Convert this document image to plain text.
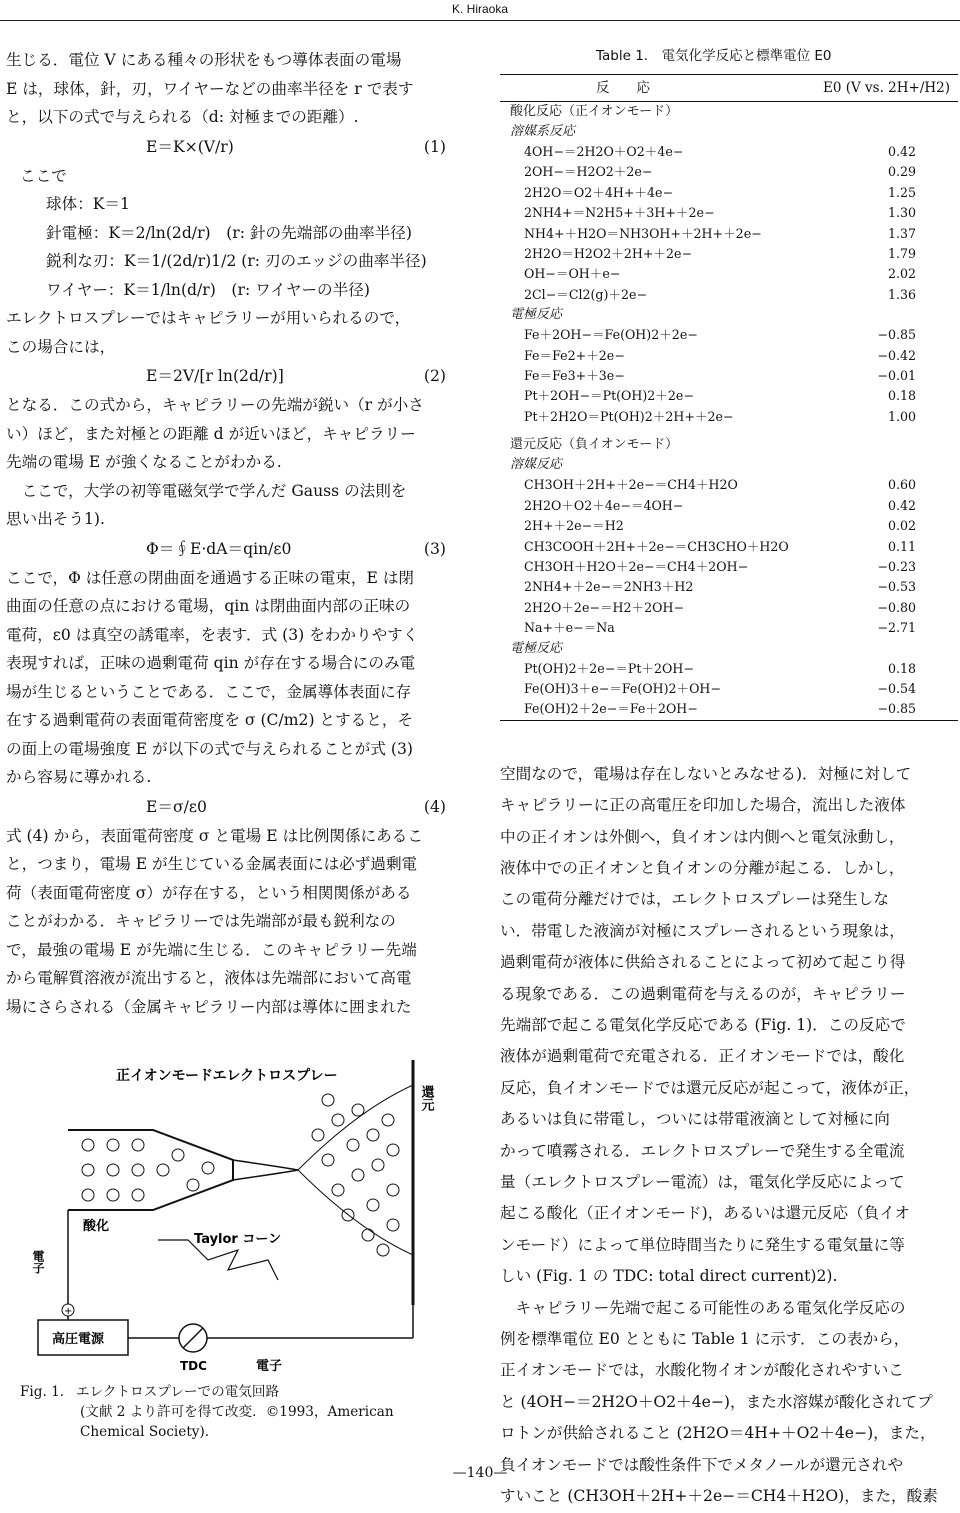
K. Hiraoka

生じる．電位 V にある種々の形状をもつ導体表面の電場

E は，球体，針，刃，ワイヤーなどの曲率半径を r で表す

と，以下の式で与えられる（d: 対極までの距離）.

E＝K×(V/r)	(1)

ここで

球体：K＝1

針電極：K＝2/ln(2d/r)　(r: 針の先端部の曲率半径)

鋭利な刃：K＝1/(2d/r)1/2 (r: 刃のエッジの曲率半径)

ワイヤー：K＝1/ln(d/r)　(r: ワイヤーの半径)

エレクトロスプレーではキャピラリーが用いられるので，

この場合には，

E＝2V/[r ln(2d/r)]	(2)

となる．この式から，キャピラリーの先端が鋭い（r が小さ

い）ほど，また対極との距離 d が近いほど，キャピラリー

先端の電場 E が強くなることがわかる.

　ここで，大学の初等電磁気学で学んだ Gauss の法則を

思い出そう1).

Φ＝∮E·dA＝qin/ε0	(3)

ここで，Φ は任意の閉曲面を通過する正味の電束，E は閉

曲面の任意の点における電場，qin は閉曲面内部の正味の

電荷，ε0 は真空の誘電率，を表す．式 (3) をわかりやすく

表現すれば，正味の過剰電荷 qin が存在する場合にのみ電

場が生じるということである．ここで，金属導体表面に存

在する過剰電荷の表面電荷密度を σ (C/m2) とすると，そ

の面上の電場強度 E が以下の式で与えられることが式 (3)

から容易に導かれる.

E＝σ/ε0	(4)

式 (4) から，表面電荷密度 σ と電場 E は比例関係にあるこ

と，つまり，電場 E が生じている金属表面には必ず過剰電

荷（表面電荷密度 σ）が存在する，という相関関係がある

ことがわかる．キャピラリーでは先端部が最も鋭利なの

で，最強の電場 E が先端に生じる．このキャピラリー先端

から電解質溶液が流出すると，液体は先端部において高電

場にさらされる（金属キャピラリー内部は導体に囲まれた

還元
正イオンモードエレクトロスプレー
Taylor コーン
酸化
+
高圧電源
TDC	電子
電子
Fig. 1. エレクトロスプレーでの電気回路
(文献 2 より許可を得て改変．©1993，American
Chemical Society).
Table 1.　電気化学反応と標準電位 E0
反　　応	E0 (V vs. 2H+/H2)
酸化反応（正イオンモード）
溶媒系反応
4OH−＝2H2O＋O2＋4e−	0.42
2OH−＝H2O2＋2e−	0.29
2H2O＝O2＋4H+＋4e−	1.25
2NH4+＝N2H5+＋3H+＋2e−	1.30
NH4+＋H2O＝NH3OH+＋2H+＋2e−	1.37
2H2O＝H2O2＋2H+＋2e−	1.79
OH−＝OH＋e−	2.02
2Cl−＝Cl2(g)＋2e−	1.36
電極反応
Fe＋2OH−＝Fe(OH)2＋2e−	−0.85
Fe＝Fe2+＋2e−	−0.42
Fe＝Fe3+＋3e−	−0.01
Pt＋2OH−＝Pt(OH)2＋2e−	0.18
Pt＋2H2O＝Pt(OH)2＋2H+＋2e−	1.00
還元反応（負イオンモード）
溶媒反応
CH3OH＋2H+＋2e−＝CH4＋H2O	0.60
2H2O＋O2＋4e−＝4OH−	0.42
2H+＋2e−＝H2	0.02
CH3COOH＋2H+＋2e−＝CH3CHO＋H2O	0.11
CH3OH＋H2O＋2e−＝CH4＋2OH−	−0.23
2NH4+＋2e−＝2NH3＋H2	−0.53
2H2O＋2e−＝H2＋2OH−	−0.80
Na+＋e−＝Na	−2.71
電極反応
Pt(OH)2＋2e−＝Pt＋2OH−	0.18
Fe(OH)3＋e−＝Fe(OH)2＋OH−	−0.54
Fe(OH)2＋2e−＝Fe＋2OH−	−0.85

空間なので，電場は存在しないとみなせる)．対極に対して

キャピラリーに正の高電圧を印加した場合，流出した液体

中の正イオンは外側へ，負イオンは内側へと電気泳動し，

液体中での正イオンと負イオンの分離が起こる．しかし，

この電荷分離だけでは，エレクトロスプレーは発生しな

い．帯電した液滴が対極にスプレーされるという現象は，

過剰電荷が液体に供給されることによって初めて起こり得

る現象である．この過剰電荷を与えるのが，キャピラリー

先端部で起こる電気化学反応である (Fig. 1)．この反応で

液体が過剰電荷で充電される．正イオンモードでは，酸化

反応，負イオンモードでは還元反応が起こって，液体が正，

あるいは負に帯電し，ついには帯電液滴として対極に向

かって噴霧される．エレクトロスプレーで発生する全電流

量（エレクトロスプレー電流）は，電気化学反応によって

起こる酸化（正イオンモード)，あるいは還元反応（負イオ

ンモード）によって単位時間当たりに発生する電気量に等

しい (Fig. 1 の TDC: total direct current)2).

　キャピラリー先端で起こる可能性のある電気化学反応の

例を標準電位 E0 とともに Table 1 に示す．この表から，

正イオンモードでは，水酸化物イオンが酸化されやすいこ

と (4OH−＝2H2O＋O2＋4e−)，また水溶媒が酸化されてプ

ロトンが供給されること (2H2O＝4H+＋O2＋4e−)，また，

負イオンモードでは酸性条件下でメタノールが還元されや

すいこと (CH3OH＋2H+＋2e−＝CH4＋H2O)，また，酸素

—140—
